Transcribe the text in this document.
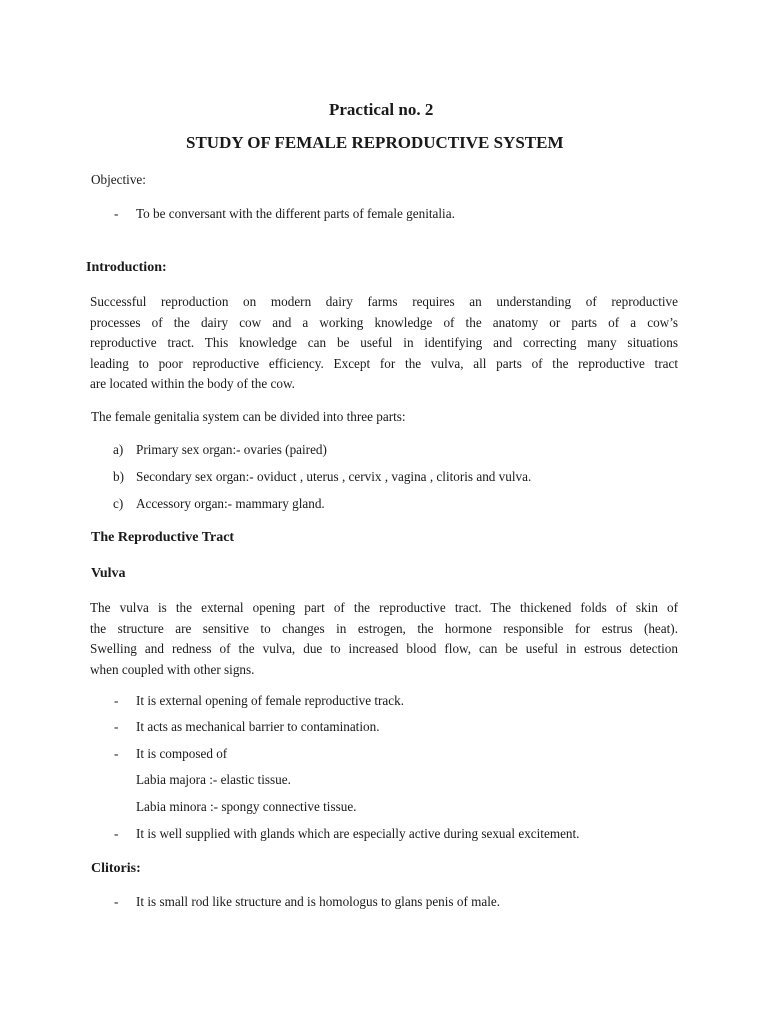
Practical no. 2
STUDY OF FEMALE REPRODUCTIVE SYSTEM
Objective:
- To be conversant with the different parts of female genitalia.
Introduction:
Successful reproduction on modern dairy farms requires an understanding of reproductive
processes of the dairy cow and a working knowledge of the anatomy or parts of a cow’s
reproductive tract. This knowledge can be useful in identifying and correcting many situations
leading to poor reproductive efficiency. Except for the vulva, all parts of the reproductive tract
are located within the body of the cow.
The female genitalia system can be divided into three parts:
a) Primary sex organ:- ovaries (paired)
b) Secondary sex organ:- oviduct , uterus , cervix , vagina , clitoris and vulva.
c) Accessory organ:- mammary gland.
The Reproductive Tract
Vulva
The vulva is the external opening part of the reproductive tract. The thickened folds of skin of
the structure are sensitive to changes in estrogen, the hormone responsible for estrus (heat).
Swelling and redness of the vulva, due to increased blood flow, can be useful in estrous detection
when coupled with other signs.
- It is external opening of female reproductive track.
- It acts as mechanical barrier to contamination.
- It is composed of
Labia majora :- elastic tissue.
Labia minora :- spongy connective tissue.
- It is well supplied with glands which are especially active during sexual excitement.
Clitoris:
- It is small rod like structure and is homologus to glans penis of male.
